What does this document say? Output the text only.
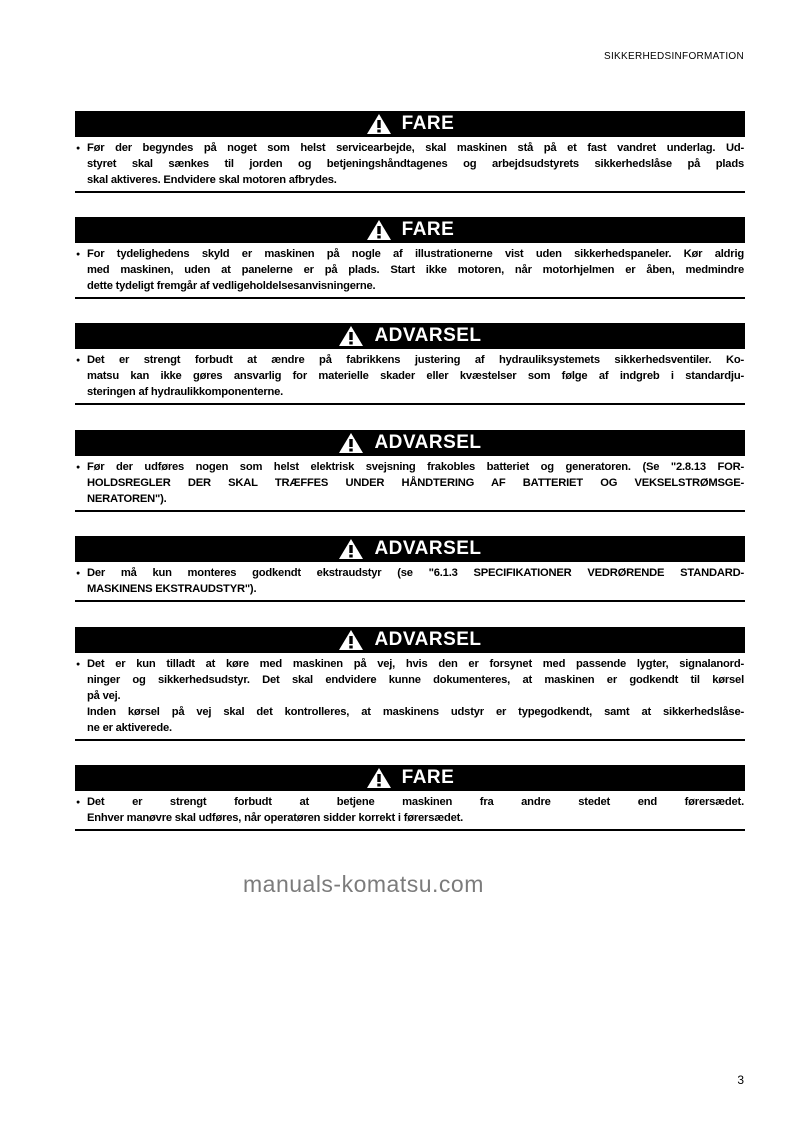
SIKKERHEDSINFORMATION
FARE
● Før der begyndes på noget som helst servicearbejde, skal maskinen stå på et fast vandret underlag. Ud-
styret skal sænkes til jorden og betjeningshåndtagenes og arbejdsudstyrets sikkerhedslåse på plads
skal aktiveres. Endvidere skal motoren afbrydes.
FARE
● For tydelighedens skyld er maskinen på nogle af illustrationerne vist uden sikkerhedspaneler. Kør aldrig
med maskinen, uden at panelerne er på plads. Start ikke motoren, når motorhjelmen er åben, medmindre
dette tydeligt fremgår af vedligeholdelsesanvisningerne.
ADVARSEL
● Det er strengt forbudt at ændre på fabrikkens justering af hydrauliksystemets sikkerhedsventiler. Ko-
matsu kan ikke gøres ansvarlig for materielle skader eller kvæstelser som følge af indgreb i standardju-
steringen af hydraulikkomponenterne.
ADVARSEL
● Før der udføres nogen som helst elektrisk svejsning frakobles batteriet og generatoren. (Se "2.8.13 FOR-
HOLDSREGLER DER SKAL TRÆFFES UNDER HÅNDTERING AF BATTERIET OG VEKSELSTRØMSGE-
NERATOREN").
ADVARSEL
● Der må kun monteres godkendt ekstraudstyr (se "6.1.3 SPECIFIKATIONER VEDRØRENDE STANDARD-
MASKINENS EKSTRAUDSTYR").
ADVARSEL
● Det er kun tilladt at køre med maskinen på vej, hvis den er forsynet med passende lygter, signalanord-
ninger og sikkerhedsudstyr. Det skal endvidere kunne dokumenteres, at maskinen er godkendt til kørsel
på vej.
Inden kørsel på vej skal det kontrolleres, at maskinens udstyr er typegodkendt, samt at sikkerhedslåse-
ne er aktiverede.
FARE
● Det er strengt forbudt at betjene maskinen fra andre stedet end førersædet.
Enhver manøvre skal udføres, når operatøren sidder korrekt i førersædet.
manuals-komatsu.com
3
